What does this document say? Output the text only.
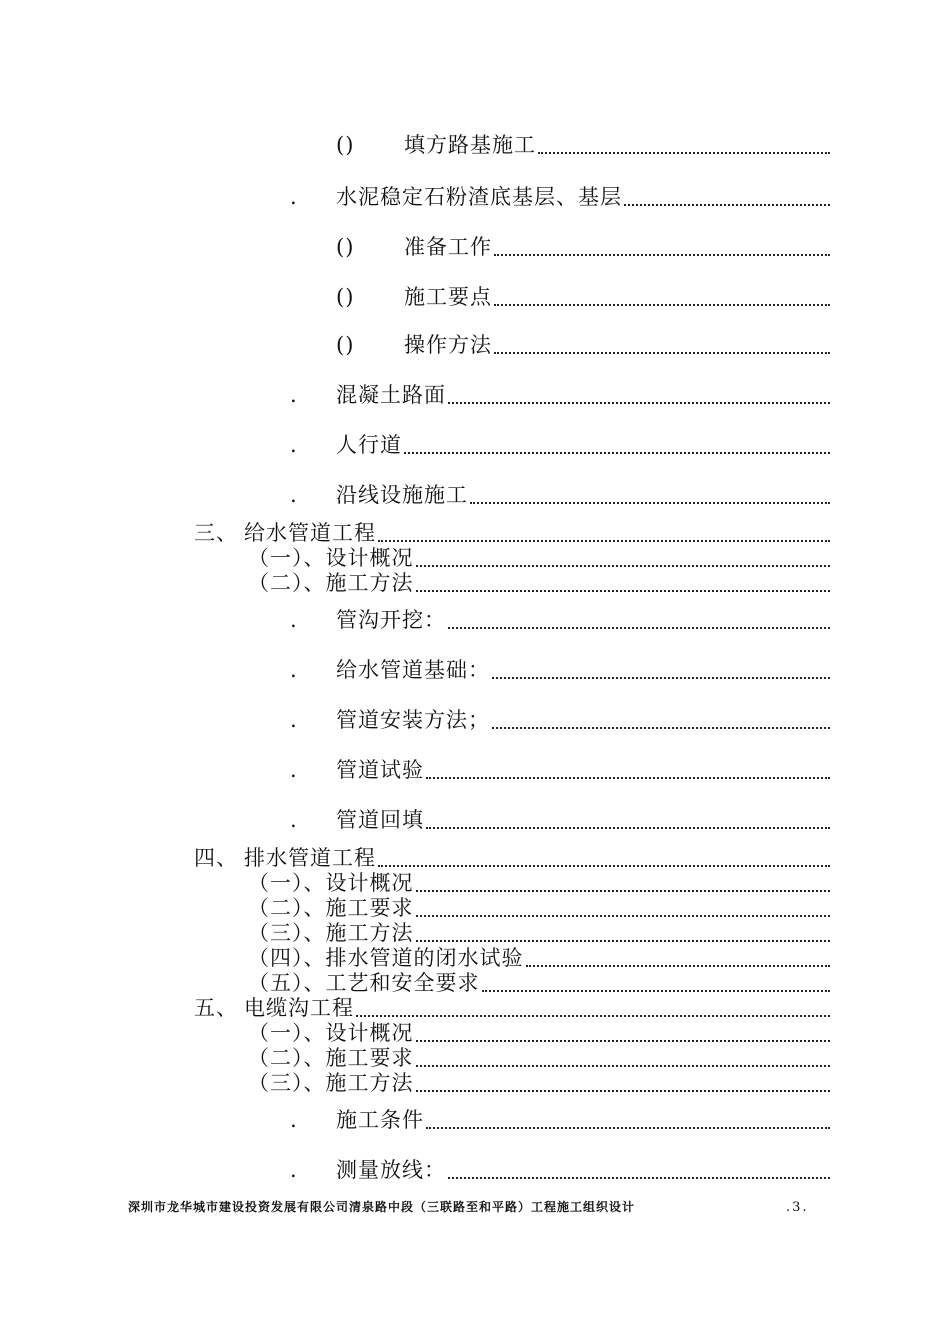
()	填方路基施工
.	水泥稳定石粉渣底基层、基层
()	准备工作
()	施工要点
()	操作方法
.	混凝土路面
.	人行道
.	沿线设施施工
三、 给水管道工程
（一）、设计概况
（二）、施工方法
.	管沟开挖：
.	给水管道基础：
.	管道安装方法；
.	管道试验
.	管道回填
四、 排水管道工程
（一）、设计概况
（二）、施工要求
（三）、施工方法
（四）、排水管道的闭水试验
（五）、工艺和安全要求
五、 电缆沟工程
（一）、设计概况
（二）、施工要求
（三）、施工方法
.	施工条件
.	测量放线：
深圳市龙华城市建设投资发展有限公司清泉路中段（三联路至和平路）工程施工组织设计	.3.
